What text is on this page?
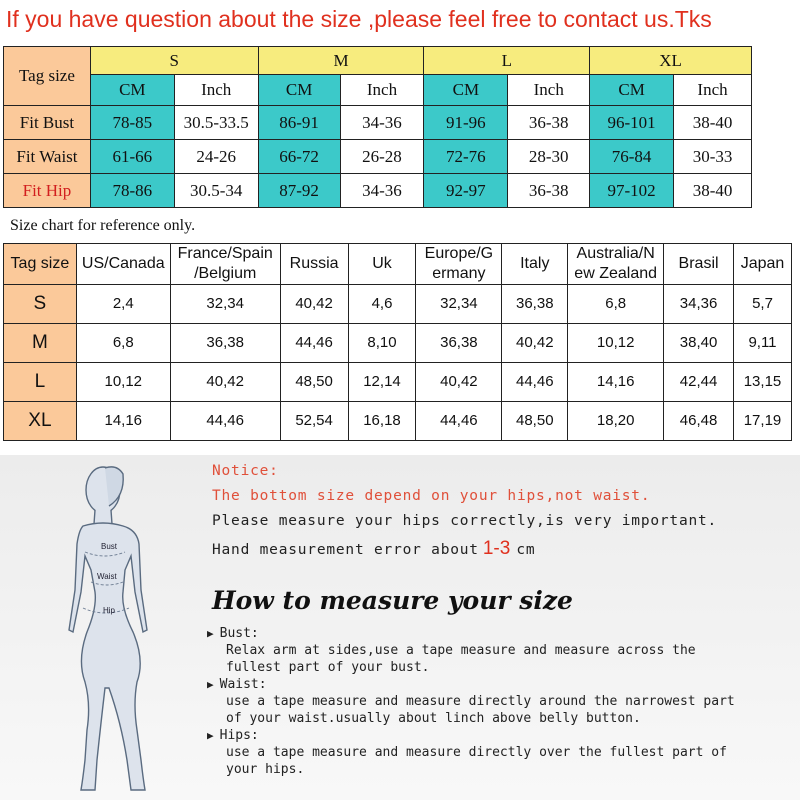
If you have question about the size ,please feel free to contact us.Tks
Tag size	S		M		L		XL	
	CM	Inch	CM	Inch	CM	Inch	CM	Inch
Fit Bust	78-85	30.5-33.5	86-91	34-36	91-96	36-38	96-101	38-40
Fit Waist	61-66	24-26	66-72	26-28	72-76	28-30	76-84	30-33
Fit Hip	78-86	30.5-34	87-92	34-36	92-97	36-38	97-102	38-40
Size chart for reference only.
Tag size	US/Canada	France/Spain /Belgium	Russia	Uk	Europe/G ermany	Italy	Australia/N ew Zealand	Brasil	Japan
S	2,4	32,34	40,42	4,6	32,34	36,38	6,8	34,36	5,7
M	6,8	36,38	44,46	8,10	36,38	40,42	10,12	38,40	9,11
L	10,12	40,42	48,50	12,14	40,42	44,46	14,16	42,44	13,15
XL	14,16	44,46	52,54	16,18	44,46	48,50	18,20	46,48	17,19
Bust
Waist
Hip
Notice:
The bottom size depend on your hips,not waist.
Please measure your hips correctly,is very important.
Hand measurement error about 1-3 cm
How to measure your size
▶ Bust:
Relax arm at sides,use a tape measure and measure across the
fullest part of your bust.
▶ Waist:
use a tape measure and measure directly around the narrowest part
of your waist.usually about linch above belly button.
▶ Hips:
use a tape measure and measure directly over the fullest part of
your hips.
